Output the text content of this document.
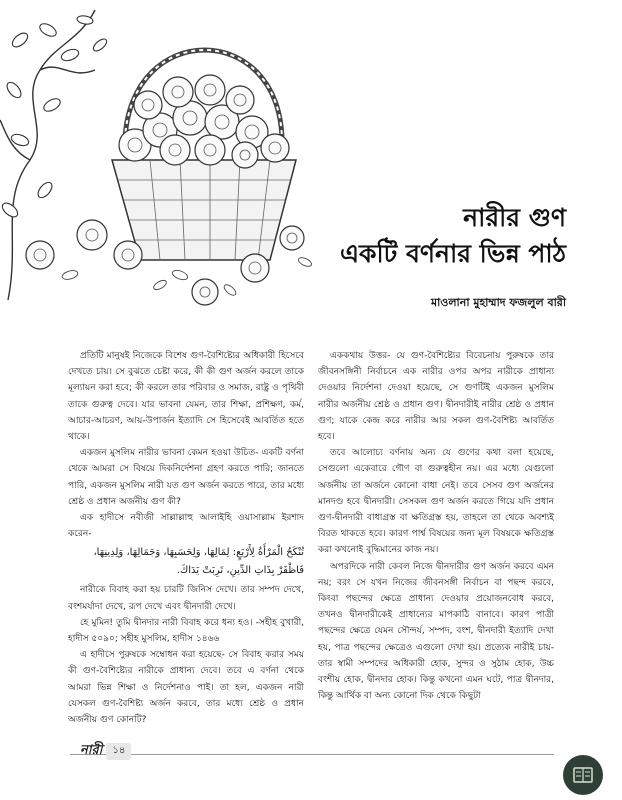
নারীর গুণ
একটি বর্ণনার ভিন্ন পাঠ
মাওলানা মুহাম্মাদ ফজলুল বারী

প্রতিটি মানুষই নিজেকে বিশেষ গুণ-বৈশিষ্ট্যের অধিকারী হিসেবে দেখতে চায়। সে বুঝতে চেষ্টা করে, কী কী গুণ অর্জন করলে তাকে মূল্যায়ন করা হবে; কী করলে তার পরিবার ও সমাজ, রাষ্ট্র ও পৃথিবী তাকে গুরুত্ব দেবে। যার ভাবনা যেমন, তার শিক্ষা, প্রশিক্ষণ, কর্ম, আচার-আচরণ, আয়-উপার্জন ইত্যাদি সে হিসেবেই আবর্তিত হতে থাকে।

একজন মুসলিম নারীর ভাবনা কেমন হওয়া উচিত- একটি বর্ণনা থেকে আমরা সে বিষয়ে দিকনির্দেশনা গ্রহণ করতে পারি; জানতে পারি, একজন মুসলিম নারী যত গুণ অর্জন করতে পারে, তার মধ্যে শ্রেষ্ঠ ও প্রধান অর্জনীয় গুণ কী?

এক হাদীসে নবীজী সাল্লাল্লাহু আলাইহি ওয়াসাল্লাম ইরশাদ করেন-

تُنْكَحُ الْمَرْأَةُ لِأَرْبَعٍ: لِمَالِهَا، وَلِحَسَبِهَا، وَجَمَالِهَا، وَلِدِينِهَا، فَاظْفَرْ بِذَاتِ الدِّينِ، تَرِبَتْ يَدَاكَ.

নারীকে বিবাহ করা হয় চারটি জিনিস দেখে। তার সম্পদ দেখে, বংশমর্যাদা দেখে, রূপ দেখে এবং দ্বীনদারী দেখে।

হে মুমিন! তুমি দ্বীনদার নারী বিবাহ করে ধন্য হও। -সহীহ বুখারী, হাদীস ৫০৯০; সহীহ মুসলিম, হাদীস ১৪৬৬

এ হাদীসে পুরুষকে সম্বোধন করা হয়েছে- সে বিবাহ করার সময় কী গুণ-বৈশিষ্ট্যের নারীকে প্রাধান্য দেবে। তবে এ বর্ণনা থেকে আমরা ভিন্ন শিক্ষা ও নির্দেশনাও পাই। তা হল, একজন নারী যেসকল গুণ-বৈশিষ্ট্য অর্জন করবে, তার মধ্যে শ্রেষ্ঠ ও প্রধান অর্জনীয় গুণ কোনটি?

এককথায় উত্তর- যে গুণ-বৈশিষ্ট্যের বিবেচনায় পুরুষকে তার জীবনসঙ্গিনী নির্বাচনে এক নারীর ওপর অপর নারীকে প্রাধান্য দেওয়ার নির্দেশনা দেওয়া হয়েছে, সে গুণটিই একজন মুসলিম নারীর অর্জনীয় শ্রেষ্ঠ ও প্রধান গুণ। দ্বীনদারীই নারীর শ্রেষ্ঠ ও প্রধান গুণ; যাকে কেন্দ্র করে নারীর আর সকল গুণ-বৈশিষ্ট্য আবর্তিত হবে।

তবে আলোচ্য বর্ণনায় অন্য যে গুণের কথা বলা হয়েছে, সেগুলো একেবারে গৌণ বা গুরুত্বহীন নয়। এর মধ্যে যেগুলো অর্জনীয় তা অর্জনে কোনো বাধা নেই। তবে সেসব গুণ অর্জনের মানদণ্ড হবে দ্বীনদারী। সেসকল গুণ অর্জন করতে গিয়ে যদি প্রধান গুণ-দ্বীনদারী বাধাগ্রস্ত বা ক্ষতিগ্রস্ত হয়, তাহলে তা থেকে অবশ্যই বিরত থাকতে হবে। কারণ পার্শ্ব বিষয়ের জন্য মূল বিষয়কে ক্ষতিগ্রস্ত করা কখনোই বুদ্ধিমানের কাজ নয়।

অপরদিকে নারী কেবল নিজে দ্বীনদারীর গুণ অর্জন করবে এমন নয়; বরং সে যখন নিজের জীবনসঙ্গী নির্বাচন বা পছন্দ করবে, কিংবা পছন্দের ক্ষেত্রে প্রাধান্য দেওয়ার প্রয়োজনবোধ করবে, তখনও দ্বীনদারীকেই প্রাধান্যের মাপকাঠি বানাবে। কারণ পাত্রী পছন্দের ক্ষেত্রে যেমন সৌন্দর্য, সম্পদ, বংশ, দ্বীনদারী ইত্যাদি দেখা হয়, পাত্র পছন্দের ক্ষেত্রেও এগুলো দেখা হয়। প্রত্যেক নারীই চায়- তার স্বামী সম্পদের অধিকারী হোক, সুন্দর ও সুঠাম হোক, উচ্চ বংশীয় হোক, দ্বীনদার হোক। কিন্তু কখনো এমন ঘটে, পাত্র দ্বীনদার, কিন্তু আর্থিক বা অন্য কোনো দিক থেকে কিছুটা

নারী	১৪
